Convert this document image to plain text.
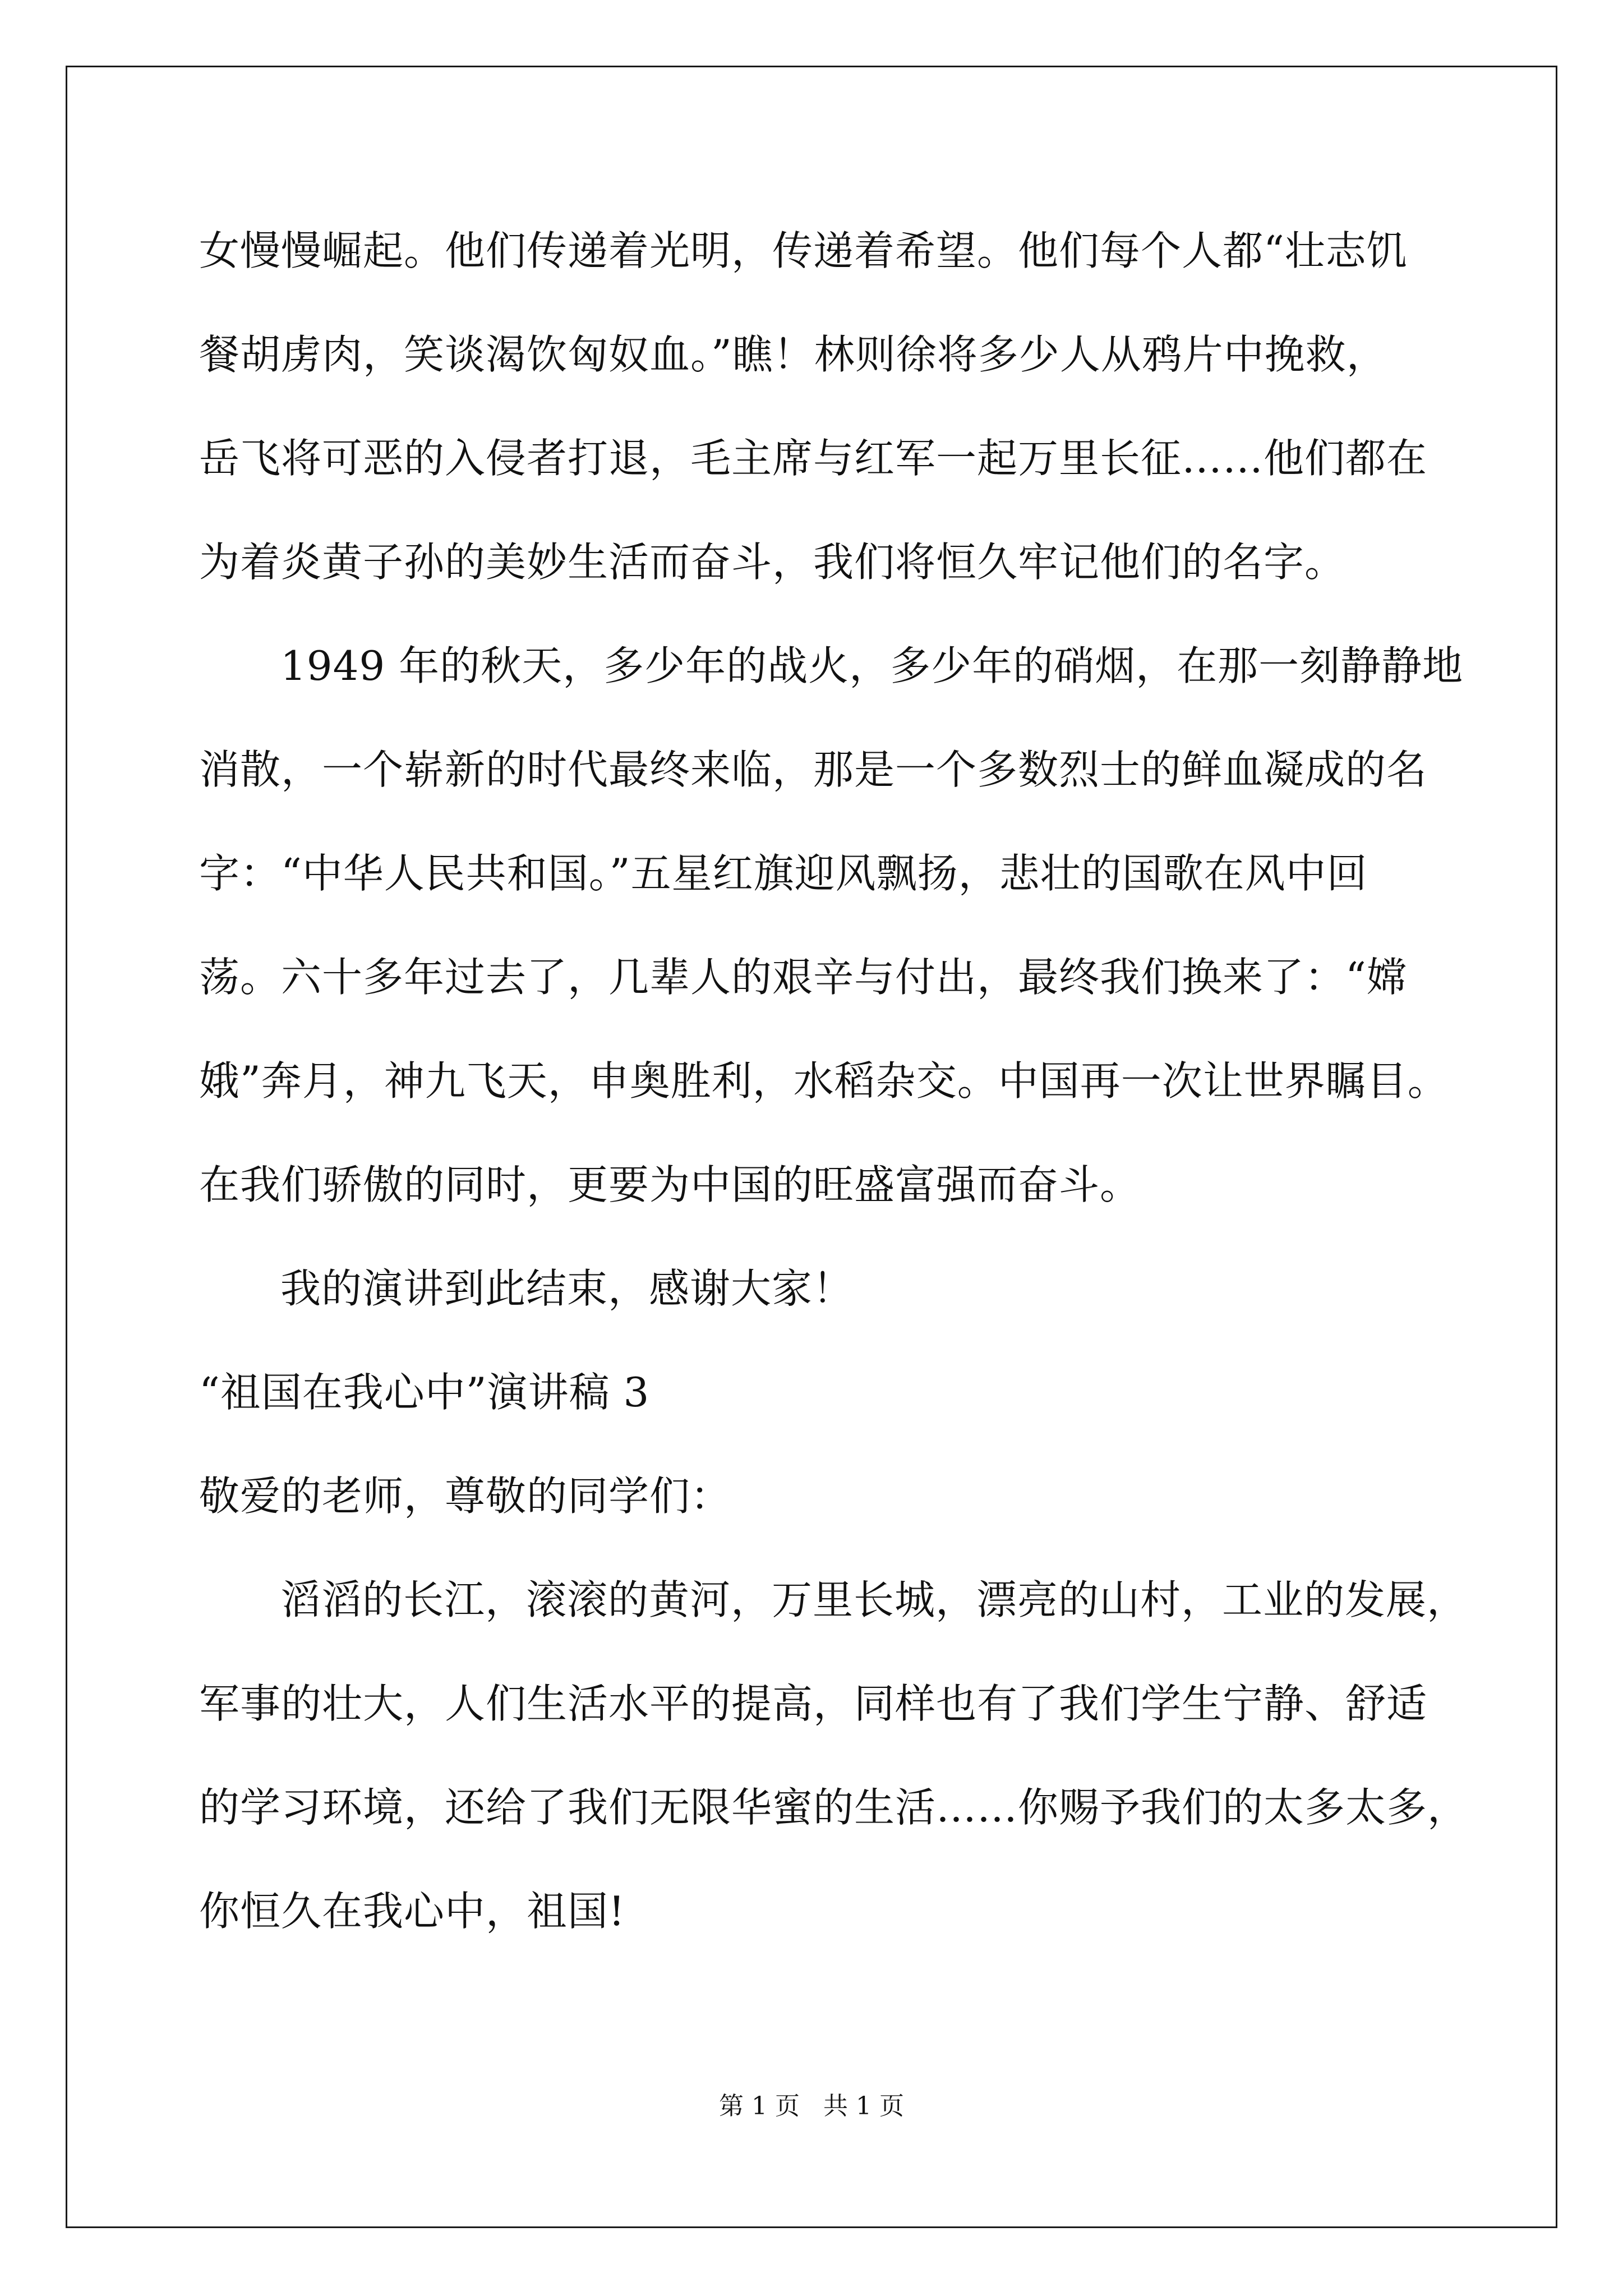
女慢慢崛起。他们传递着光明，传递着希望。他们每个人都“壮志饥
餐胡虏肉，笑谈渴饮匈奴血。”瞧！林则徐将多少人从鸦片中挽救，
岳飞将可恶的入侵者打退，毛主席与红军一起万里长征……他们都在
为着炎黄子孙的美妙生活而奋斗，我们将恒久牢记他们的名字。
1949 年的秋天，多少年的战火，多少年的硝烟，在那一刻静静地
消散，一个崭新的时代最终来临，那是一个多数烈士的鲜血凝成的名
字：“中华人民共和国。”五星红旗迎风飘扬，悲壮的国歌在风中回
荡。六十多年过去了，几辈人的艰辛与付出，最终我们换来了：“嫦
娥”奔月，神九飞天，申奥胜利，水稻杂交。中国再一次让世界瞩目。
在我们骄傲的同时，更要为中国的旺盛富强而奋斗。
我的演讲到此结束，感谢大家！
“祖国在我心中”演讲稿 3
敬爱的老师，尊敬的同学们：
滔滔的长江，滚滚的黄河，万里长城，漂亮的山村，工业的发展，
军事的壮大，人们生活水平的提高，同样也有了我们学生宁静、舒适
的学习环境，还给了我们无限华蜜的生活……你赐予我们的太多太多，
你恒久在我心中，祖国!
第 1 页 共 1 页
